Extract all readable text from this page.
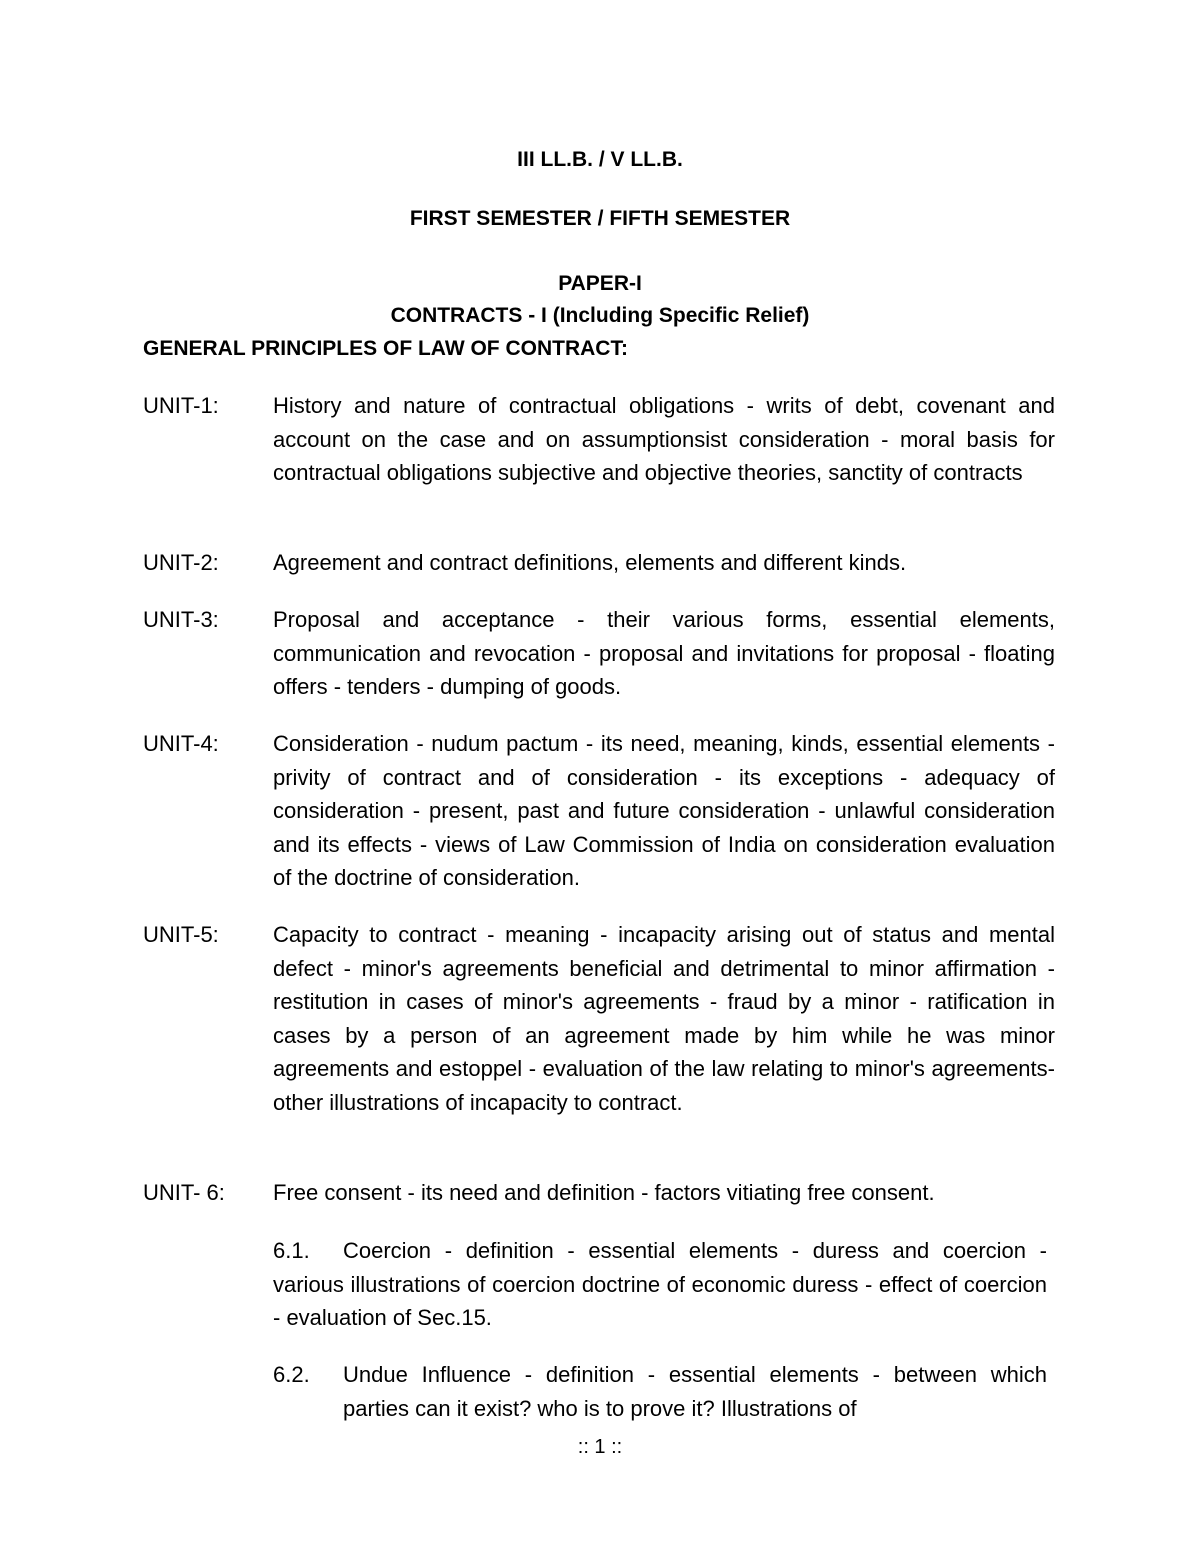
III LL.B. / V LL.B.
FIRST SEMESTER / FIFTH SEMESTER
PAPER-I
CONTRACTS - I (Including Specific Relief)
GENERAL PRINCIPLES OF LAW OF CONTRACT:
UNIT-1: History and nature of contractual obligations - writs of debt, covenant and account on the case and on assumptionsist consideration - moral basis for contractual obligations subjective and objective theories, sanctity of contracts
UNIT-2: Agreement and contract definitions, elements and different kinds.
UNIT-3: Proposal and acceptance - their various forms, essential elements, communication and revocation - proposal and invitations for proposal - floating offers - tenders - dumping of goods.
UNIT-4: Consideration - nudum pactum - its need, meaning, kinds, essential elements - privity of contract and of consideration - its exceptions - adequacy of consideration - present, past and future consideration - unlawful consideration and its effects - views of Law Commission of India on consideration evaluation of the doctrine of consideration.
UNIT-5: Capacity to contract - meaning - incapacity arising out of status and mental defect - minor's agreements beneficial and detrimental to minor affirmation - restitution in cases of minor's agreements - fraud by a minor - ratification in cases by a person of an agreement made by him while he was minor agreements and estoppel - evaluation of the law relating to minor's agreements- other illustrations of incapacity to contract.
UNIT- 6: Free consent - its need and definition - factors vitiating free consent.
6.1.	Coercion - definition - essential elements - duress and coercion - various illustrations of coercion doctrine of economic duress - effect of coercion - evaluation of Sec.15.

6.2.	Undue Influence - definition - essential elements - between which parties can it exist? who is to prove it? Illustrations of

:: 1 ::
